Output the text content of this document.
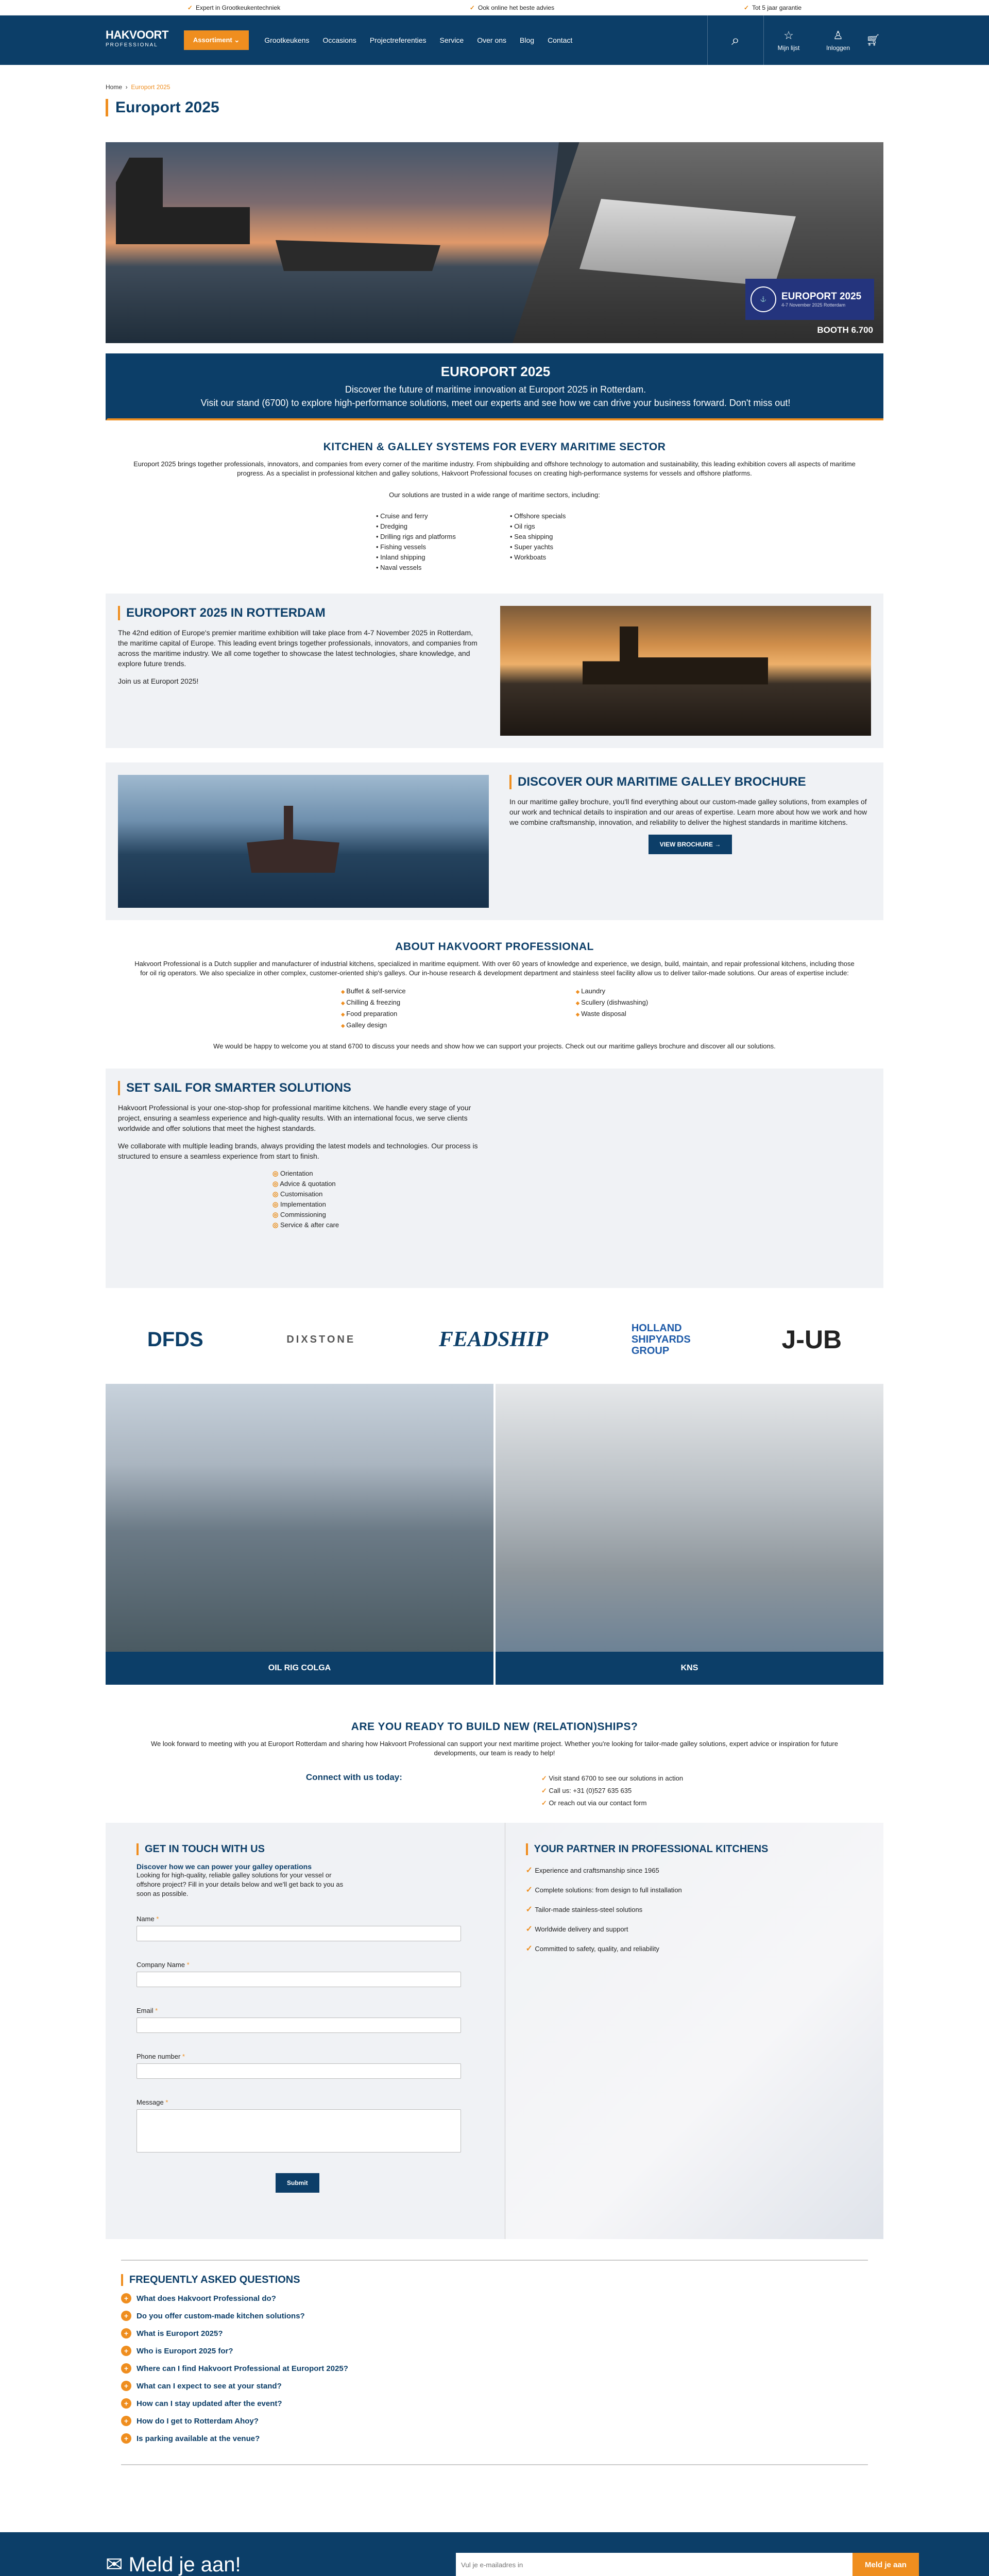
✓ Expert in Grootkeukentechniek	✓ Ook online het beste advies	✓ Tot 5 jaar garantie
HAKVOORT
PROFESSIONAL
Assortiment ⌄	Grootkeukens Occasions Projectreferenties Service Over ons Blog Contact	⌕	☆
Mijn lijst
♙
Inloggen
🛒︎
Home  ›  Europort 2025
Europort 2025
⚓	EUROPORT 2025
4-7 November 2025 Rotterdam
BOOTH 6.700
EUROPORT 2025

Discover the future of maritime innovation at Europort 2025 in Rotterdam.

Visit our stand (6700) to explore high-performance solutions, meet our experts and see how we can drive your business forward. Don't miss out!

KITCHEN & GALLEY SYSTEMS FOR EVERY MARITIME SECTOR

Europort 2025 brings together professionals, innovators, and companies from every corner of the maritime industry. From shipbuilding and offshore technology to automation and sustainability, this leading exhibition covers all aspects of maritime progress. As a specialist in professional kitchen and galley solutions, Hakvoort Professional focuses on creating high-performance systems for vessels and offshore platforms.

Our solutions are trusted in a wide range of maritime sectors, including:

• Cruise and ferry
• Dredging
• Drilling rigs and platforms
• Fishing vessels
• Inland shipping
• Naval vessels
• Offshore specials
• Oil rigs
• Sea shipping
• Super yachts
• Workboats
EUROPORT 2025 IN ROTTERDAM

The 42nd edition of Europe's premier maritime exhibition will take place from 4-7 November 2025 in Rotterdam, the maritime capital of Europe. This leading event brings together professionals, innovators, and companies from across the maritime industry. We all come together to showcase the latest technologies, share knowledge, and explore future trends.

Join us at Europort 2025!

DISCOVER OUR MARITIME GALLEY BROCHURE

In our maritime galley brochure, you'll find everything about our custom-made galley solutions, from examples of our work and technical details to inspiration and our areas of expertise. Learn more about how we work and how we combine craftsmanship, innovation, and reliability to deliver the highest standards in maritime kitchens.

VIEW BROCHURE →
ABOUT HAKVOORT PROFESSIONAL

Hakvoort Professional is a Dutch supplier and manufacturer of industrial kitchens, specialized in maritime equipment. With over 60 years of knowledge and experience, we design, build, maintain, and repair professional kitchens, including those for oil rig operators. We also specialize in other complex, customer-oriented ship's galleys. Our in-house research & development department and stainless steel facility allow us to deliver tailor-made solutions. Our areas of expertise include:

◆ Buffet & self-service
◆ Chilling & freezing
◆ Food preparation
◆ Galley design
◆ Laundry
◆ Scullery (dishwashing)
◆ Waste disposal

We would be happy to welcome you at stand 6700 to discuss your needs and show how we can support your projects. Check out our maritime galleys brochure and discover all our solutions.

SET SAIL FOR SMARTER SOLUTIONS

Hakvoort Professional is your one-stop-shop for professional maritime kitchens. We handle every stage of your project, ensuring a seamless experience and high-quality results. With an international focus, we serve clients worldwide and offer solutions that meet the highest standards.

We collaborate with multiple leading brands, always providing the latest models and technologies. Our process is structured to ensure a seamless experience from start to finish.

◎ Orientation
◎ Advice & quotation
◎ Customisation
◎ Implementation
◎ Commissioning
◎ Service & after care
DFDS	DIXSTONE	FEADSHIP	HOLLAND SHIPYARDS GROUP	J-UB
OIL RIG COLGA	KNS
ARE YOU READY TO BUILD NEW (RELATION)SHIPS?

We look forward to meeting with you at Europort Rotterdam and sharing how Hakvoort Professional can support your next maritime project. Whether you're looking for tailor-made galley solutions, expert advice or inspiration for future developments, our team is ready to help!

Connect with us today:
✓	Visit stand 6700 to see our solutions in action
✓ Call us: +31 (0)527 635 635
✓ Or reach out via our contact form
GET IN TOUCH WITH US
Discover how we can power your galley operations

Looking for high-quality, reliable galley solutions for your vessel or offshore project? Fill in your details below and we'll get back to you as soon as possible.

Name *
Company Name *
Email *
Phone number *
Message *
Submit
YOUR PARTNER IN PROFESSIONAL KITCHENS
✓ Experience and craftsmanship since 1965
✓ Complete solutions: from design to full installation
✓ Tailor-made stainless-steel solutions
✓ Worldwide delivery and support
✓ Committed to safety, quality, and reliability
FREQUENTLY ASKED QUESTIONS
+	What does Hakvoort Professional do?
+	Do you offer custom-made kitchen solutions?
+	What is Europort 2025?
+	Who is Europort 2025 for?
+	Where can I find Hakvoort Professional at Europort 2025?
+	What can I expect to see at your stand?
+	How can I stay updated after the event?
+	How do I get to Rotterdam Ahoy?
+	Is parking available at the venue?
✉ Meld je aan!

Vul je e-mailadres in	Meld je aan
